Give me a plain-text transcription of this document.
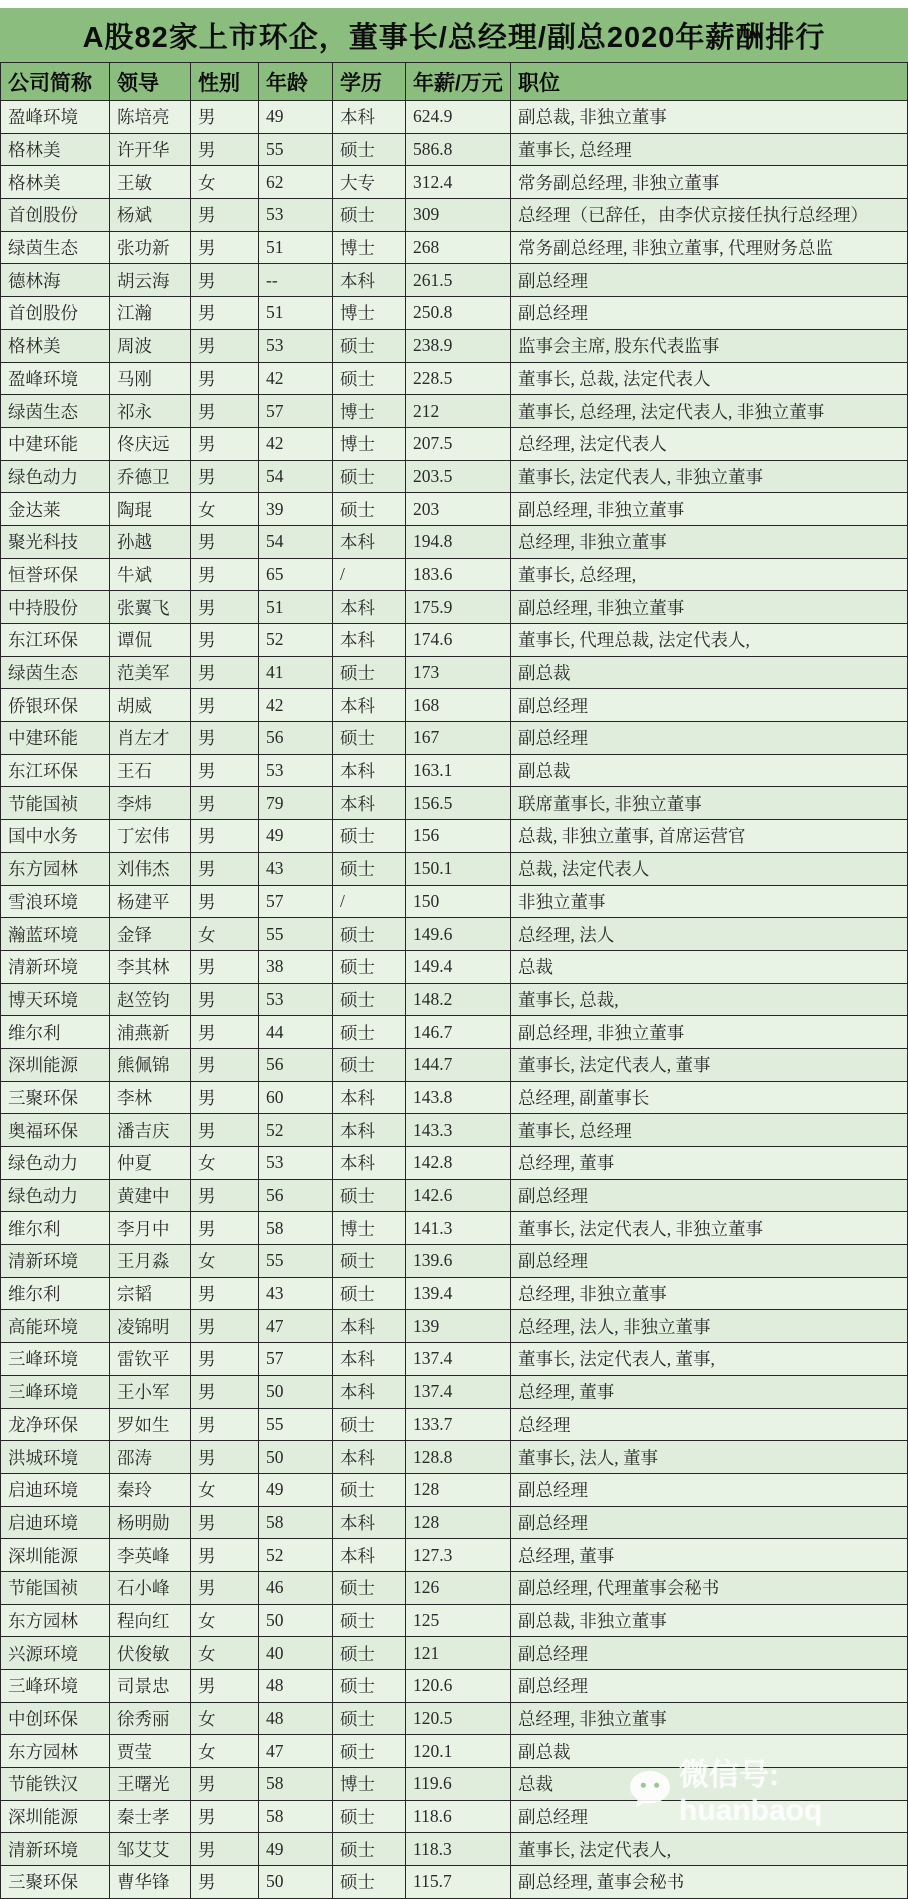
A股82家上市环企，董事长/总经理/副总2020年薪酬排行
公司简称	领导	性别	年龄	学历	年薪/万元	职位
盈峰环境	陈培亮	男	49	本科	624.9	副总裁, 非独立董事
格林美	许开华	男	55	硕士	586.8	董事长, 总经理
格林美	王敏	女	62	大专	312.4	常务副总经理, 非独立董事
首创股份	杨斌	男	53	硕士	309	总经理（已辞任，由李伏京接任执行总经理）
绿茵生态	张功新	男	51	博士	268	常务副总经理, 非独立董事, 代理财务总监
德林海	胡云海	男	--	本科	261.5	副总经理
首创股份	江瀚	男	51	博士	250.8	副总经理
格林美	周波	男	53	硕士	238.9	监事会主席, 股东代表监事
盈峰环境	马刚	男	42	硕士	228.5	董事长, 总裁, 法定代表人
绿茵生态	祁永	男	57	博士	212	董事长, 总经理, 法定代表人, 非独立董事
中建环能	佟庆远	男	42	博士	207.5	总经理, 法定代表人
绿色动力	乔德卫	男	54	硕士	203.5	董事长, 法定代表人, 非独立董事
金达莱	陶琨	女	39	硕士	203	副总经理, 非独立董事
聚光科技	孙越	男	54	本科	194.8	总经理, 非独立董事
恒誉环保	牛斌	男	65	/	183.6	董事长, 总经理,
中持股份	张翼飞	男	51	本科	175.9	副总经理, 非独立董事
东江环保	谭侃	男	52	本科	174.6	董事长, 代理总裁, 法定代表人,
绿茵生态	范美军	男	41	硕士	173	副总裁
侨银环保	胡威	男	42	本科	168	副总经理
中建环能	肖左才	男	56	硕士	167	副总经理
东江环保	王石	男	53	本科	163.1	副总裁
节能国祯	李炜	男	79	本科	156.5	联席董事长, 非独立董事
国中水务	丁宏伟	男	49	硕士	156	总裁, 非独立董事, 首席运营官
东方园林	刘伟杰	男	43	硕士	150.1	总裁, 法定代表人
雪浪环境	杨建平	男	57	/	150	非独立董事
瀚蓝环境	金铎	女	55	硕士	149.6	总经理, 法人
清新环境	李其林	男	38	硕士	149.4	总裁
博天环境	赵笠钧	男	53	硕士	148.2	董事长, 总裁,
维尔利	浦燕新	男	44	硕士	146.7	副总经理, 非独立董事
深圳能源	熊佩锦	男	56	硕士	144.7	董事长, 法定代表人, 董事
三聚环保	李林	男	60	本科	143.8	总经理, 副董事长
奥福环保	潘吉庆	男	52	本科	143.3	董事长, 总经理
绿色动力	仲夏	女	53	本科	142.8	总经理, 董事
绿色动力	黄建中	男	56	硕士	142.6	副总经理
维尔利	李月中	男	58	博士	141.3	董事长, 法定代表人, 非独立董事
清新环境	王月淼	女	55	硕士	139.6	副总经理
维尔利	宗韬	男	43	硕士	139.4	总经理, 非独立董事
高能环境	凌锦明	男	47	本科	139	总经理, 法人, 非独立董事
三峰环境	雷钦平	男	57	本科	137.4	董事长, 法定代表人, 董事,
三峰环境	王小军	男	50	本科	137.4	总经理, 董事
龙净环保	罗如生	男	55	硕士	133.7	总经理
洪城环境	邵涛	男	50	本科	128.8	董事长, 法人, 董事
启迪环境	秦玲	女	49	硕士	128	副总经理
启迪环境	杨明勋	男	58	本科	128	副总经理
深圳能源	李英峰	男	52	本科	127.3	总经理, 董事
节能国祯	石小峰	男	46	硕士	126	副总经理, 代理董事会秘书
东方园林	程向红	女	50	硕士	125	副总裁, 非独立董事
兴源环境	伏俊敏	女	40	硕士	121	副总经理
三峰环境	司景忠	男	48	硕士	120.6	副总经理
中创环保	徐秀丽	女	48	硕士	120.5	总经理, 非独立董事
东方园林	贾莹	女	47	硕士	120.1	副总裁
节能铁汉	王曙光	男	58	博士	119.6	总裁
深圳能源	秦士孝	男	58	硕士	118.6	副总经理
清新环境	邹艾艾	男	49	硕士	118.3	董事长, 法定代表人,
三聚环保	曹华锋	男	50	硕士	115.7	副总经理, 董事会秘书
微信号: huanbaoq
